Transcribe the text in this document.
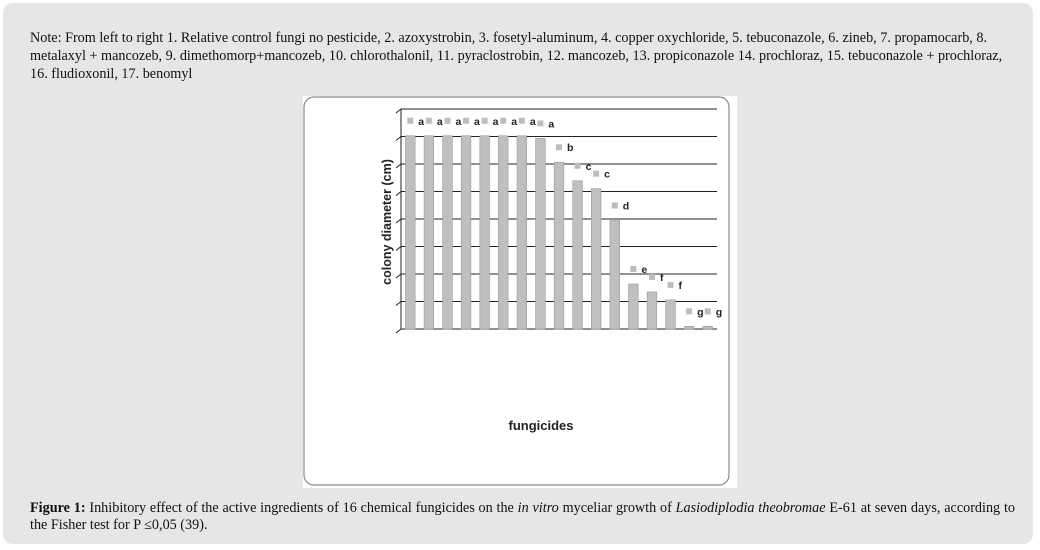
Note: From left to right 1. Relative control fungi no pesticide, 2. azoxystrobin, 3. fosetyl-aluminum, 4. copper oxychloride, 5. tebuconazole, 6. zineb, 7. propamocarb, 8. metalaxyl + mancozeb, 9. dimethomorp+mancozeb, 10. chlorothalonil, 11. pyraclostrobin, 12. mancozeb, 13. propiconazole 14. prochloraz, 15. tebuconazole + prochloraz, 16. fludioxonil, 17. benomyl
a a a a a a a a
b
c
c
d
e
f
f
g g
colony diameter (cm)
fungicides
Figure 1: Inhibitory effect of the active ingredients of 16 chemical fungicides on the in vitro myceliar growth of Lasiodiplodia theobromae E-61 at seven days, according to the Fisher test for P ≤0,05 (39).
